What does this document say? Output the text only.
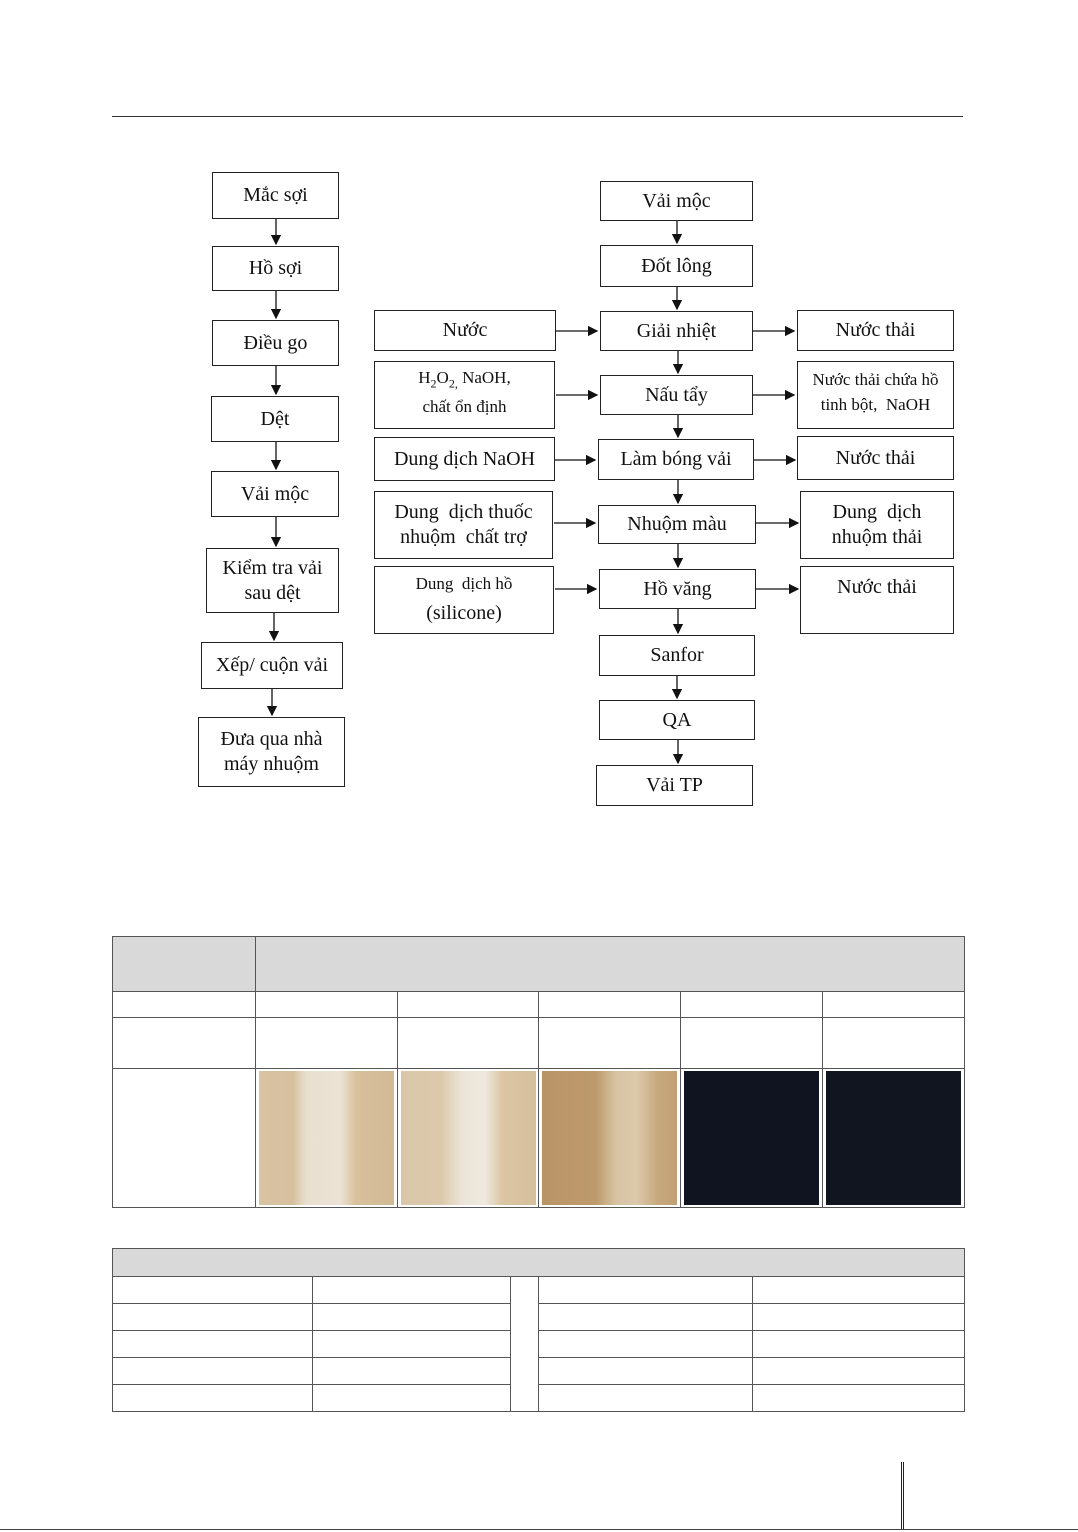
Mắc sợi
Hồ sợi
Điều go
Dệt
Vải mộc
Kiểm tra vải sau dệt
Xếp/ cuộn vải
Đưa qua nhà máy nhuộm
Vải mộc
Đốt lông
Giải nhiệt
Nấu tẩy
Làm bóng vải
Nhuộm màu
Hồ văng
Sanfor
QA
Vải TP
Nước
$H_2O_{2,}$ NaOH,
chất ổn định
Dung dịch NaOH
Dung  dịch thuốc
nhuộm  chất trợ
Dung  dịch hồ
(silicone)
Nước thải
Nước thải chứa hồ
tinh bột,  NaOH
Nước thải
Dung  dịch
nhuộm thải
Nước thải
